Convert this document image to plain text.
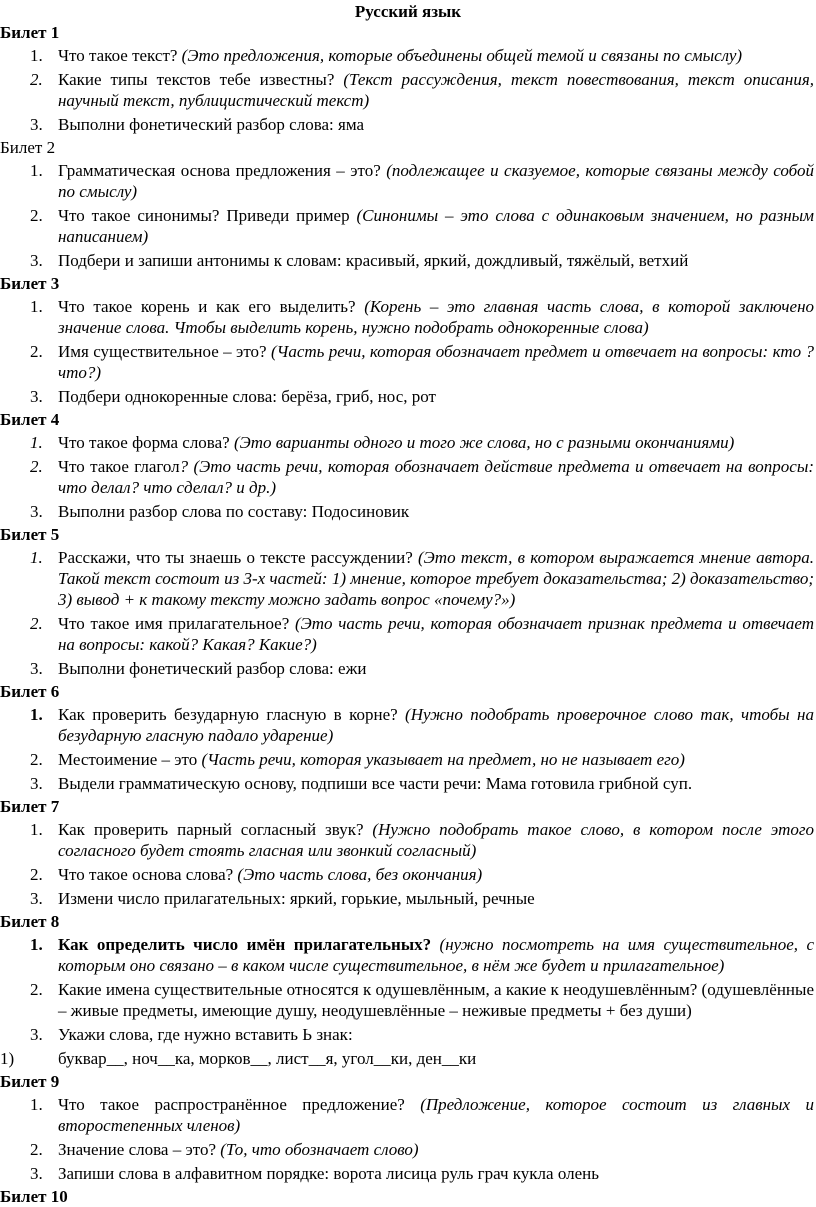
Русский язык
Билет 1
1. Что такое текст? (Это предложения, которые объединены общей темой и связаны по смыслу)
2. Какие типы текстов тебе известны? (Текст рассуждения, текст повествования, текст описания, научный текст, публицистический текст)
3. Выполни фонетический разбор слова: яма
Билет 2
1. Грамматическая основа предложения – это? (подлежащее и сказуемое, которые связаны между собой по смыслу)
2. Что такое синонимы? Приведи пример (Синонимы – это слова с одинаковым значением, но разным написанием)
3. Подбери и запиши антонимы к словам: красивый, яркий, дождливый, тяжёлый, ветхий
Билет 3
1. Что такое корень и как его выделить? (Корень – это главная часть слова, в которой заключено значение слова. Чтобы выделить корень, нужно подобрать однокоренные слова)
2. Имя существительное – это? (Часть речи, которая обозначает предмет и отвечает на вопросы: кто ?что?)
3. Подбери однокоренные слова: берёза, гриб, нос, рот
Билет 4
1. Что такое форма слова? (Это варианты одного и того же слова, но с разными окончаниями)
2. Что такое глагол? (Это часть речи, которая обозначает действие предмета и отвечает на вопросы: что делал? что сделал? и др.)
3. Выполни разбор слова по составу: Подосиновик
Билет 5
1. Расскажи, что ты знаешь о тексте рассуждении? (Это текст, в котором выражается мнение автора. Такой текст состоит из 3-х частей: 1) мнение, которое требует доказательства; 2) доказательство; 3) вывод + к такому тексту можно задать вопрос «почему?»)
2. Что такое имя прилагательное? (Это часть речи, которая обозначает признак предмета и отвечает на вопросы: какой? Какая? Какие?)
3. Выполни фонетический разбор слова: ежи
Билет 6
1. Как проверить безударную гласную в корне? (Нужно подобрать проверочное слово так, чтобы на безударную гласную падало ударение)
2. Местоимение – это (Часть речи, которая указывает на предмет, но не называет его)
3. Выдели грамматическую основу, подпиши все части речи: Мама готовила грибной суп.
Билет 7
1. Как проверить парный согласный звук? (Нужно подобрать такое слово, в котором после этого согласного будет стоять гласная или звонкий согласный)
2. Что такое основа слова? (Это часть слова, без окончания)
3. Измени число прилагательных: яркий, горькие, мыльный, речные
Билет 8
1. Как определить число имён прилагательных? (нужно посмотреть на имя существительное, с которым оно связано – в каком числе существительное, в нём же будет и прилагательное)
2. Какие имена существительные относятся к одушевлённым, а какие к неодушевлённым? (одушевлённые – живые предметы, имеющие душу, неодушевлённые – неживые предметы + без души)
3. Укажи слова, где нужно вставить Ь знак:
1)	буквар__, ноч__ка, морков__, лист__я, угол__ки, ден__ки
Билет 9
1. Что такое распространённое предложение? (Предложение, которое состоит из главных и второстепенных членов)
2. Значение слова – это? (То, что обозначает слово)
3. Запиши слова в алфавитном порядке: ворота лисица руль грач кукла олень
Билет 10
